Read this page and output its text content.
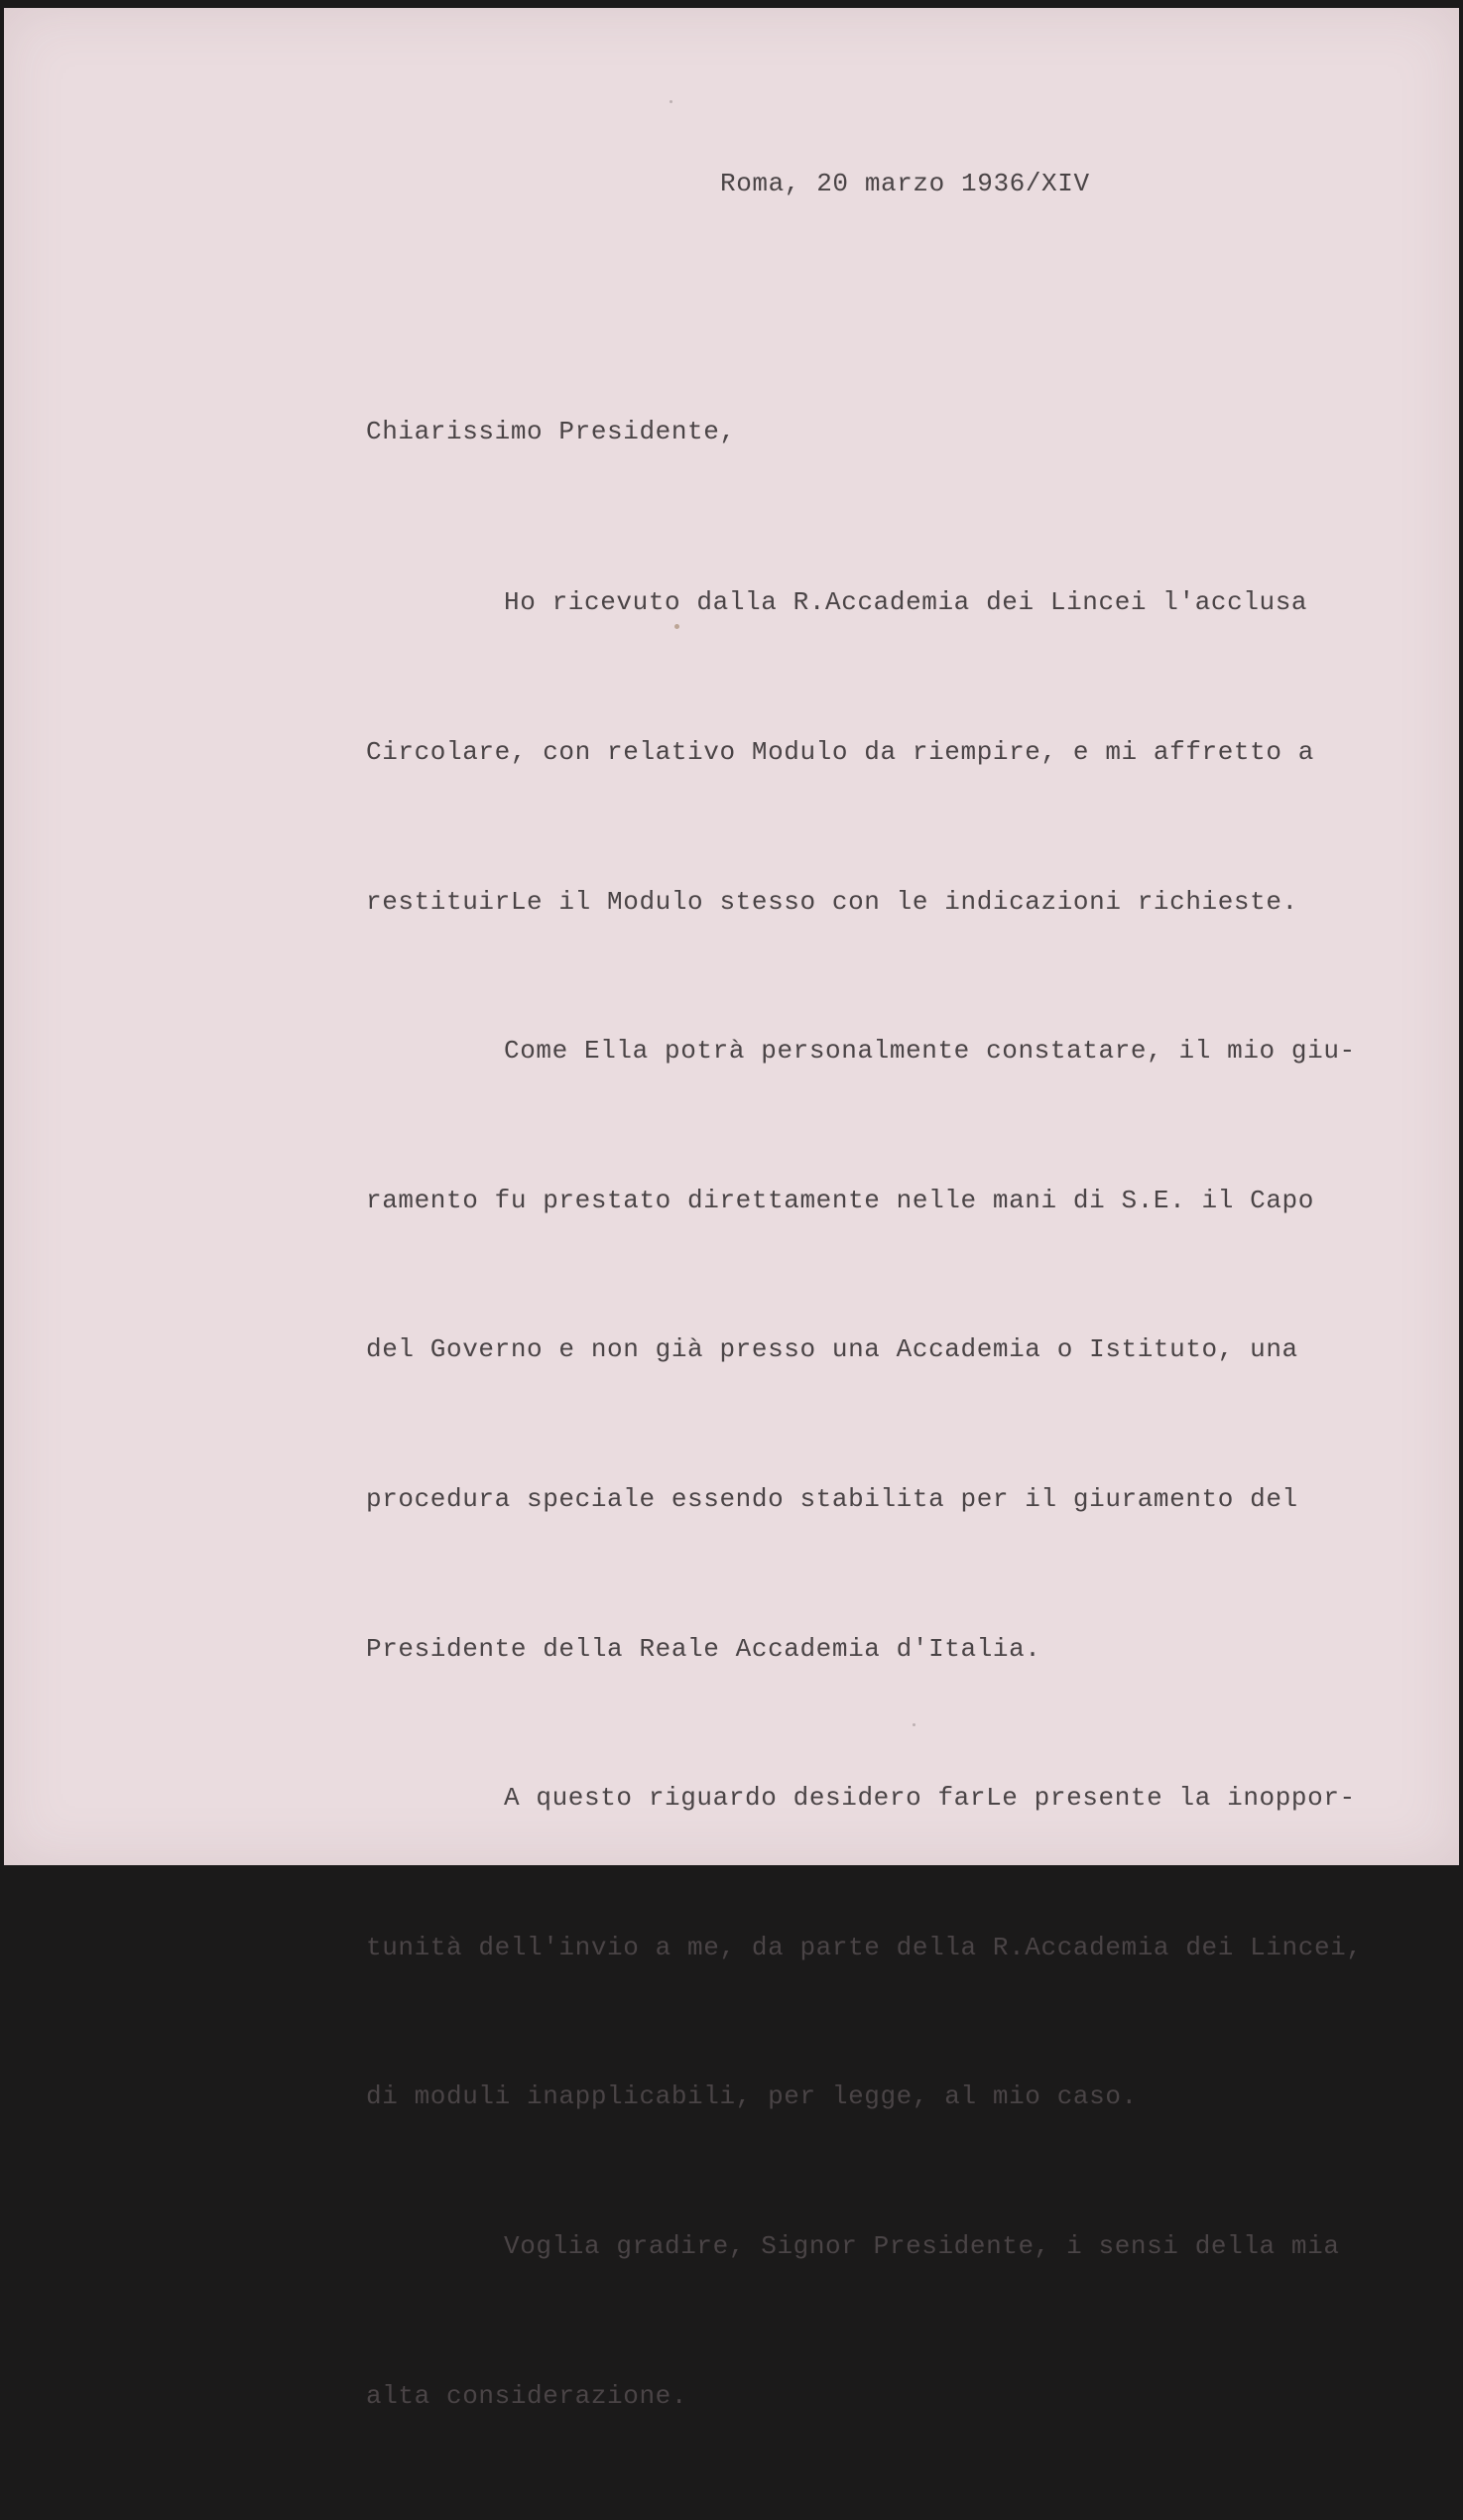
Roma, 20 marzo 1936/XIV

Chiarissimo Presidente,

Ho ricevuto dalla R.Accademia dei Lincei l'acclusa

Circolare, con relativo Modulo da riempire, e mi affretto a

restituirLe il Modulo stesso con le indicazioni richieste.

Come Ella potrà personalmente constatare, il mio giu-

ramento fu prestato direttamente nelle mani di S.E. il Capo

del Governo e non già presso una Accademia o Istituto, una

procedura speciale essendo stabilita per il giuramento del

Presidente della Reale Accademia d'Italia.

A questo riguardo desidero farLe presente la inoppor-

tunità dell'invio a me, da parte della R.Accademia dei Lincei,

di moduli inapplicabili, per legge, al mio caso.

Voglia gradire, Signor Presidente, i sensi della mia

alta considerazione.
